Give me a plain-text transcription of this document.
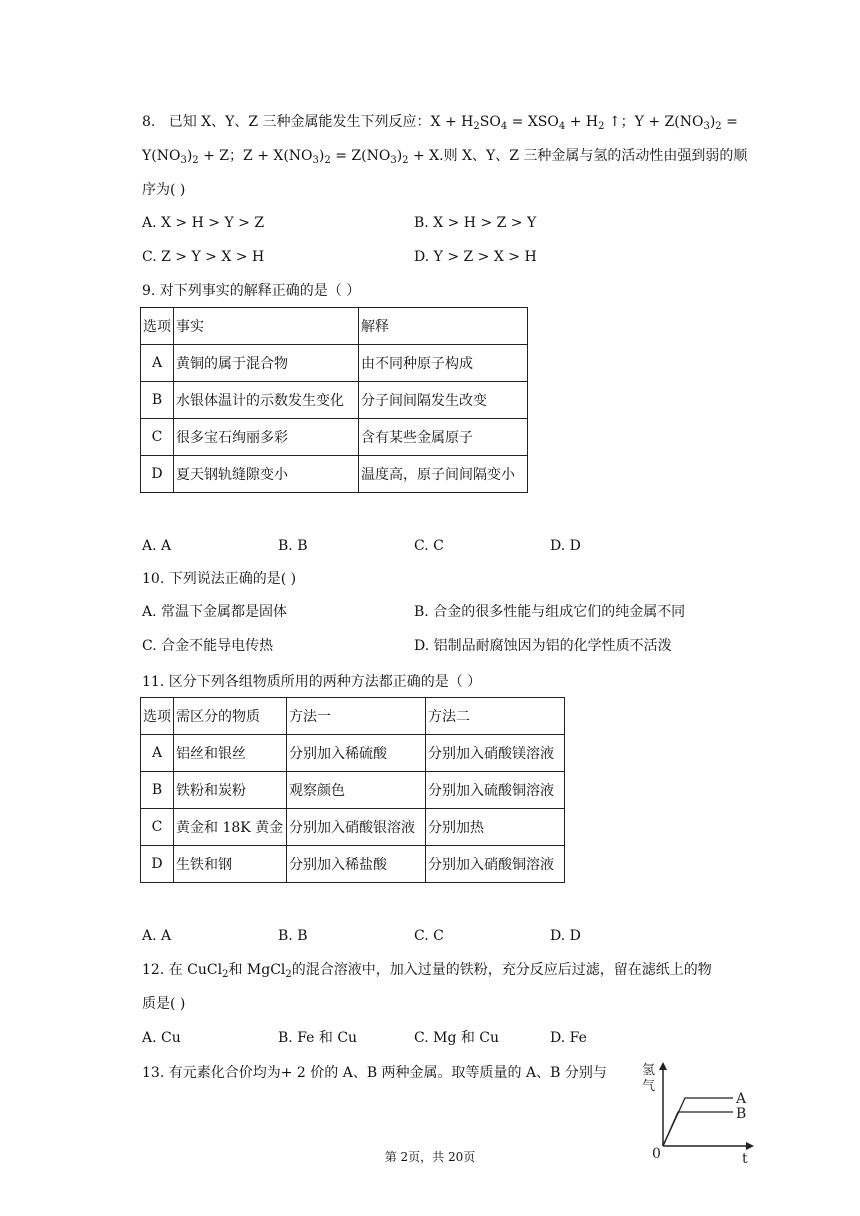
8. 已知 X、Y、Z 三种金属能发生下列反应：$X + H_2SO_4 = XSO_4 + H_2$ ↑；$Y + Z(NO_3)_2$ =
$Y(NO_3)_2 + Z$；$Z + X(NO_3)_2 = Z(NO_3)_2 + X$.则 X、Y、Z 三种金属与氢的活动性由强到弱的顺
序为( )
A. X > H > Y > Z	B. X > H > Z > Y
C. Z > Y > X > H	D. Y > Z > X > H
9. 对下列事实的解释正确的是（ ）
选项	事实	解释
A	黄铜的属于混合物	由不同种原子构成
B	水银体温计的示数发生变化	分子间间隔发生改变
C	很多宝石绚丽多彩	含有某些金属原子
D	夏天钢轨缝隙变小	温度高，原子间间隔变小
A. A	B. B	C. C	D. D
10. 下列说法正确的是( )
A. 常温下金属都是固体	B. 合金的很多性能与组成它们的纯金属不同
C. 合金不能导电传热	D. 铝制品耐腐蚀因为铝的化学性质不活泼
11. 区分下列各组物质所用的两种方法都正确的是（ ）
选项	需区分的物质	方法一	方法二
A	铝丝和银丝	分别加入稀硫酸	分别加入硝酸镁溶液
B	铁粉和炭粉	观察颜色	分别加入硫酸铜溶液
C	黄金和 18K 黄金	分别加入硝酸银溶液	分别加热
D	生铁和钢	分别加入稀盐酸	分别加入硝酸铜溶液
A. A	B. B	C. C	D. D
12. 在 CuCl$_2$和 MgCl$_2$的混合溶液中，加入过量的铁粉，充分反应后过滤，留在滤纸上的物
质是( )
A. Cu	B. Fe 和 Cu	C. Mg 和 Cu	D. Fe
13. 有元素化合价均为+ 2 价的 A、B 两种金属。取等质量的 A、B 分别与	氢
气
A
B
0	t
第 2页，共 20页
